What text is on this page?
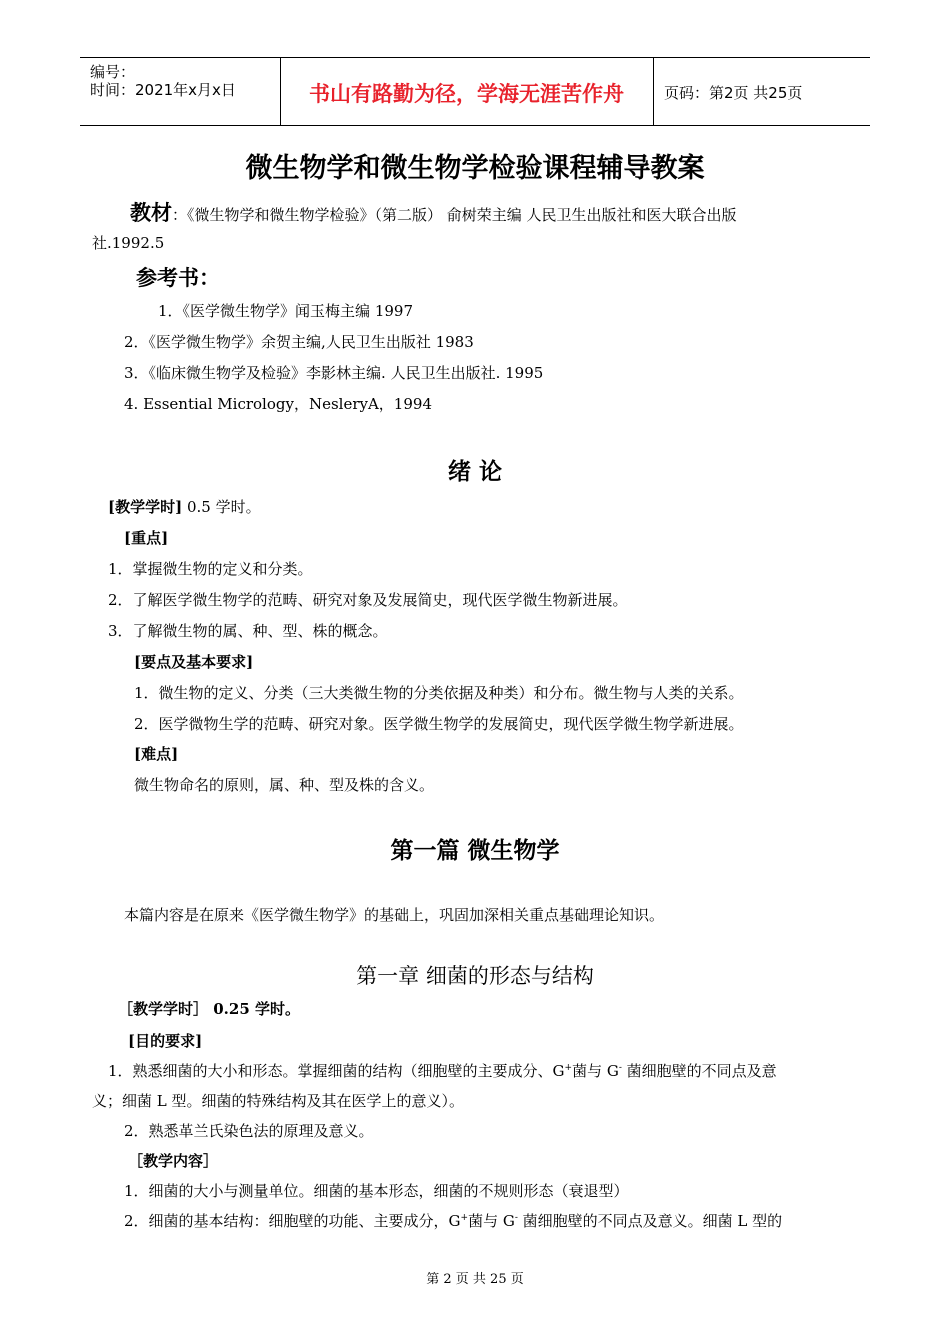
编号：
时间：2021年x月x日	书山有路勤为径，学海无涯苦作舟	页码：第2页 共25页
微生物学和微生物学检验课程辅导教案
教材：《微生物学和微生物学检验》（第二版） 俞树荣主编 人民卫生出版社和医大联合出版
社.1992.5
参考书：
1．《医学微生物学》闻玉梅主编 1997
2．《医学微生物学》余贺主编,人民卫生出版社 1983
3．《临床微生物学及检验》李影林主编. 人民卫生出版社. 1995
4. Essential Micrology，NesleryA，1994
绪 论
[教学学时] 0.5 学时。
[重点]
1．掌握微生物的定义和分类。
2．了解医学微生物学的范畴、研究对象及发展简史，现代医学微生物新进展。
3．了解微生物的属、种、型、株的概念。
[要点及基本要求]
1．微生物的定义、分类（三大类微生物的分类依据及种类）和分布。微生物与人类的关系。
2．医学微物生学的范畴、研究对象。医学微生物学的发展简史，现代医学微生物学新进展。
[难点]
微生物命名的原则，属、种、型及株的含义。
第一篇 微生物学
本篇内容是在原来《医学微生物学》的基础上，巩固加深相关重点基础理论知识。
第一章 细菌的形态与结构
［教学学时］ 0.25 学时。
[目的要求]
1．熟悉细菌的大小和形态。掌握细菌的结构（细胞壁的主要成分、G+菌与 G- 菌细胞壁的不同点及意
义；细菌 L 型。细菌的特殊结构及其在医学上的意义）。
2．熟悉革兰氏染色法的原理及意义。
［教学内容］
1．细菌的大小与测量单位。细菌的基本形态，细菌的不规则形态（衰退型）
2．细菌的基本结构：细胞壁的功能、主要成分，G+菌与 G- 菌细胞壁的不同点及意义。细菌 L 型的
第 2 页 共 25 页
